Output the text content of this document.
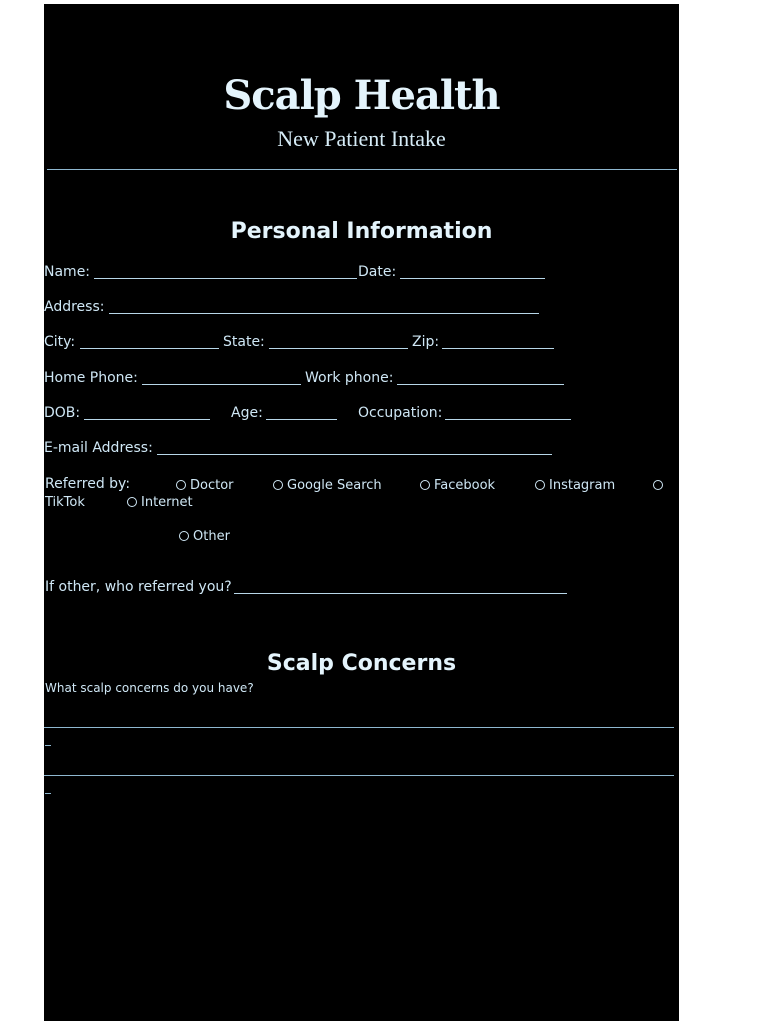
Scalp Health
New Patient Intake
Personal Information
Name:	Date:
Address:
City:	State:	Zip:
Home Phone:	Work phone:
DOB:	Age:	Occupation:
E-mail Address:
Referred by:	Doctor	Google Search	Facebook	Instagram
TikTok	Internet
Other
If other, who referred you?
Scalp Concerns
What scalp concerns do you have?
